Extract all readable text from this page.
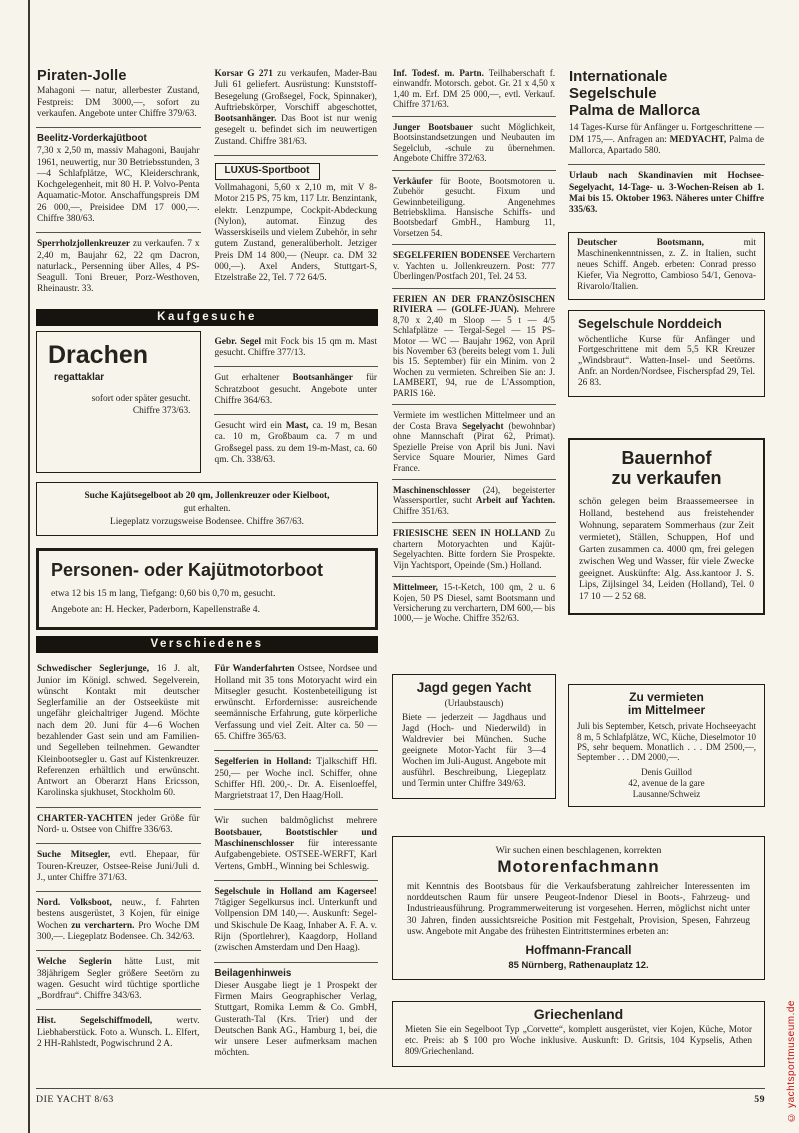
Piraten-Jolle
Mahagoni — natur, allerbester Zustand, Festpreis: DM 3000,—, sofort zu verkaufen. Angebote unter Chiffre 379/63.
Beelitz-Vorderkajütboot
7,30 x 2,50 m, massiv Mahagoni, Baujahr 1961, neuwertig, nur 30 Betriebsstunden, 3—4 Schlafplätze, WC, Kleiderschrank, Kochgelegenheit, mit 80 H. P. Volvo-Penta Aquamatic-Motor. Anschaffungspreis DM 26 000,—, Preisidee DM 17 000,—. Chiffre 380/63.
Sperrholzjollenkreuzer zu verkaufen. 7 x 2,40 m, Baujahr 62, 22 qm Dacron, naturlack., Persenning über Alles, 4 PS-Seagull. Toni Breuer, Porz-Westhoven, Rheinaustr. 33.
Korsar G 271 zu verkaufen, Mader-Bau Juli 61 geliefert. Ausrüstung: Kunststoff-Besegelung (Großsegel, Fock, Spinnaker), Auftriebskörper, Vorschiff abgeschottet, Bootsanhänger. Das Boot ist nur wenig gesegelt u. befindet sich im neuwertigen Zustand. Chiffre 381/63.
LUXUS-Sportboot
Vollmahagoni, 5,60 x 2,10 m, mit V 8-Motor 215 PS, 75 km, 117 Ltr. Benzintank, elektr. Lenzpumpe, Cockpit-Abdeckung (Nylon), automat. Einzug des Wasserskiseils und vielem Zubehör, in sehr gutem Zustand, generalüberholt. Jetziger Preis DM 14 800,— (Neupr. ca. DM 32 000,—). Axel Anders, Stuttgart-S, Etzelstraße 22, Tel. 7 72 64/5.
Kaufgesuche
Drachen
regattaklar
sofort oder später gesucht.
Chiffre 373/63.
Gebr. Segel mit Fock bis 15 qm m. Mast gesucht. Chiffre 377/13.
Gut erhaltener Bootsanhänger für Schratzboot gesucht. Angebote unter Chiffre 364/63.
Gesucht wird ein Mast, ca. 19 m, Besan ca. 10 m, Großbaum ca. 7 m und Großsegel pass. zu dem 19-m-Mast, ca. 60 qm. Ch. 338/63.
Suche Kajütsegelboot ab 20 qm, Jollenkreuzer oder Kielboot,
gut erhalten.
Liegeplatz vorzugsweise Bodensee. Chiffre 367/63.
Personen- oder Kajütmotorboot
etwa 12 bis 15 m lang, Tiefgang: 0,60 bis 0,70 m, gesucht.
Angebote an: H. Hecker, Paderborn, Kapellenstraße 4.
Verschiedenes
Schwedischer Seglerjunge, 16 J. alt, Junior im Königl. schwed. Segelverein, wünscht Kontakt mit deutscher Seglerfamilie an der Ostseeküste mit ungefähr gleichaltriger Jugend. Möchte nach dem 20. Juni für 4—6 Wochen bezahlender Gast sein und am Familien- und Segelleben teilnehmen. Gewandter Kleinbootsegler u. Gast auf Kistenkreuzer. Referenzen erhältlich und erwünscht. Antwort an Oberarzt Hans Ericsson, Karolinska sjukhuset, Stockholm 60.
CHARTER-YACHTEN jeder Größe für Nord- u. Ostsee von Chiffre 336/63.
Suche Mitsegler, evtl. Ehepaar, für Touren-Kreuzer, Ostsee-Reise Juni/Juli d. J., unter Chiffre 371/63.
Nord. Volksboot, neuw., f. Fahrten bestens ausgerüstet, 3 Kojen, für einige Wochen zu verchartern. Pro Woche DM 300,—. Liegeplatz Bodensee. Ch. 342/63.
Welche Seglerin hätte Lust, mit 38jährigem Segler größere Seetörn zu wagen. Gesucht wird tüchtige sportliche „Bordfrau“. Chiffre 343/63.
Hist. Segelschiffmodell,	wertv. Liebhaberstück. Foto a. Wunsch. L. Elfert, 2 HH-Rahlstedt, Pogwischrund 2 A.
Für Wanderfahrten Ostsee, Nordsee und Holland mit 35 tons Motoryacht wird ein Mitsegler gesucht. Kostenbeteiligung ist erwünscht. Erfordernisse: ausreichende seemännische Erfahrung, gute körperliche Verfassung und viel Zeit. Alter ca. 50 — 65. Chiffre 365/63.
Segelferien in Holland: Tjalkschiff Hfl. 250,— per Woche incl. Schiffer, ohne Schiffer Hfl. 200,-. Dr. A. Eisenloeffel, Margrietstraat 17, Den Haag/Holl.
Wir suchen baldmöglichst mehrere Bootsbauer, Bootstischler und Maschinenschlosser für interessante Aufgabengebiete. OSTSEE-WERFT, Karl Vertens, GmbH., Winning bei Schleswig.
Segelschule in Holland am Kagersee! 7tägiger Segelkursus incl. Unterkunft und Vollpension DM 140,—. Auskunft: Segel- und Skischule De Kaag, Inhaber A. F. A. v. Rijn (Sportlehrer), Kaagdorp, Holland (zwischen Amsterdam und Den Haag).
Beilagenhinweis
Dieser Ausgabe liegt je 1 Prospekt der Firmen Mairs Geographischer Verlag, Stuttgart, Romika Lemm & Co. GmbH, Gusterath-Tal (Krs. Trier) und der Deutschen Bank AG., Hamburg 1, bei, die wir unsere Leser aufmerksam machen möchten.
Inf. Todesf. m. Partn. Teilhaberschaft f. einwandfr. Motorsch. gebot. Gr. 21 x 4,50 x 1,40 m. Erf. DM 25 000,—, evtl. Verkauf. Chiffre 371/63.
Junger Bootsbauer sucht Möglichkeit, Bootsinstandsetzungen und Neubauten im Segelclub, -schule zu übernehmen. Angebote Chiffre 372/63.
Verkäufer für Boote, Bootsmotoren u. Zubehör gesucht. Fixum und Gewinnbeteiligung. Angenehmes Betriebsklima. Hansische Schiffs- und Bootsbedarf GmbH., Hamburg 11, Vorsetzen 54.
SEGELFERIEN BODENSEE Verchartern v. Yachten u. Jollenkreuzern. Post: 777 Überlingen/Postfach 201, Tel. 24 53.
FERIEN AN DER FRANZÖSISCHEN RIVIERA — (GOLFE-JUAN). Mehrere 8,70 x 2,40 m Sloop — 5 t — 4/5 Schlafplätze — Tergal-Segel — 15 PS-Motor — WC — Baujahr 1962, von April bis November 63 (bereits belegt vom 1. Juli bis 15. September) für ein Minim. von 2 Wochen zu vermieten. Schreiben Sie an: J. LAMBERT, 94, rue de L'Assomption, PARIS 16è.
Vermiete im westlichen Mittelmeer und an der Costa Brava Segelyacht (bewohnbar) ohne Mannschaft (Pirat 62, Primat). Spezielle Preise von April bis Juni. Navi Service Square Mourier, Nimes Gard France.
Maschinenschlosser (24), begeisterter Wassersportler, sucht Arbeit auf Yachten. Chiffre 351/63.
FRIESISCHE SEEN IN HOLLAND Zu chartern Motoryachten und Kajüt-Segelyachten. Bitte fordern Sie Prospekte. Vijn Yachtsport, Opeinde (Sm.) Holland.
Mittelmeer, 15-t-Ketch, 100 qm, 2 u. 6 Kojen, 50 PS Diesel, samt Bootsmann und Versicherung zu verchartern, DM 600,— bis 1000,— je Woche. Chiffre 352/63.
Jagd gegen Yacht
(Urlaubstausch)
Biete — jederzeit — Jagdhaus und Jagd (Hoch- und Niederwild) in Waldrevier bei München. Suche geeignete Motor-Yacht für 3—4 Wochen im Juli-August. Angebote mit ausführl. Beschreibung, Liegeplatz und Termin unter Chiffre 349/63.
Internationale
Segelschule
Palma de Mallorca
14 Tages-Kurse für Anfänger u. Fortgeschrittene — DM 175,—. Anfragen an: MEDYACHT, Palma de Mallorca, Apartado 580.
Urlaub nach Skandinavien mit Hochsee-Segelyacht, 14-Tage- u. 3-Wochen-Reisen ab 1. Mai bis 15. Oktober 1963. Näheres unter Chiffre 335/63.
Deutscher Bootsmann,	mit Maschinenkenntnissen, z. Z. in Italien, sucht neues Schiff. Angeb. erbeten: Conrad presso Kiefer, Via Negrotto, Cambioso 54/1, Genova-Rivarolo/Italien.
Segelschule Norddeich
wöchentliche Kurse für Anfänger und Fortgeschrittene mit dem 5,5 KR Kreuzer „Windsbraut“. Watten-Insel- und Seetörns. Anfr. an Norden/Nordsee, Fischerspfad 29, Tel. 26 83.
Bauernhof
zu verkaufen
schön gelegen beim Braassemeersee in Holland, bestehend aus freistehender Wohnung, separatem Sommerhaus (zur Zeit vermietet), Ställen, Schuppen, Hof und Garten zusammen ca. 4000 qm, frei gelegen zwischen Weg und Wasser, für viele Zwecke geeignet. Auskünfte: Alg. Ass.kantoor J. S. Lips, Zijlsingel 34, Leiden (Holland), Tel. 0 17 10 — 2 52 68.
Zu vermieten
im Mittelmeer
Juli bis September, Ketsch, private Hochseeyacht 8 m, 5 Schlafplätze, WC, Küche, Dieselmotor 10 PS, sehr bequem. Monatlich . . . DM 2500,—, September . . . DM 2000,—.
Denis Guillod
42, avenue de la gare
Lausanne/Schweiz
Wir suchen einen beschlagenen, korrekten
Motorenfachmann
mit Kenntnis des Bootsbaus für die Verkaufsberatung zahlreicher Interessenten im norddeutschen Raum für unsere Peugeot-Indenor Diesel in Boots-, Fahrzeug- und Industrieausführung. Programmerweiterung ist vorgesehen. Herren, möglichst nicht unter 30 Jahren, finden aussichtsreiche Position mit Festgehalt, Provision, Spesen, Fahrzeug usw. Angebote mit Angabe des frühesten Eintrittstermines erbeten an:
Hoffmann-Francall
85 Nürnberg, Rathenauplatz 12.
Griechenland
Mieten Sie ein Segelboot Typ „Corvette“, komplett ausgerüstet, vier Kojen, Küche, Motor etc. Preis: ab $ 100 pro Woche inklusive. Auskunft: D. Gritsis, 104 Kypselis, Athen 809/Griechenland.
DIE YACHT 8/63	59 © yachtsportmuseum.de
